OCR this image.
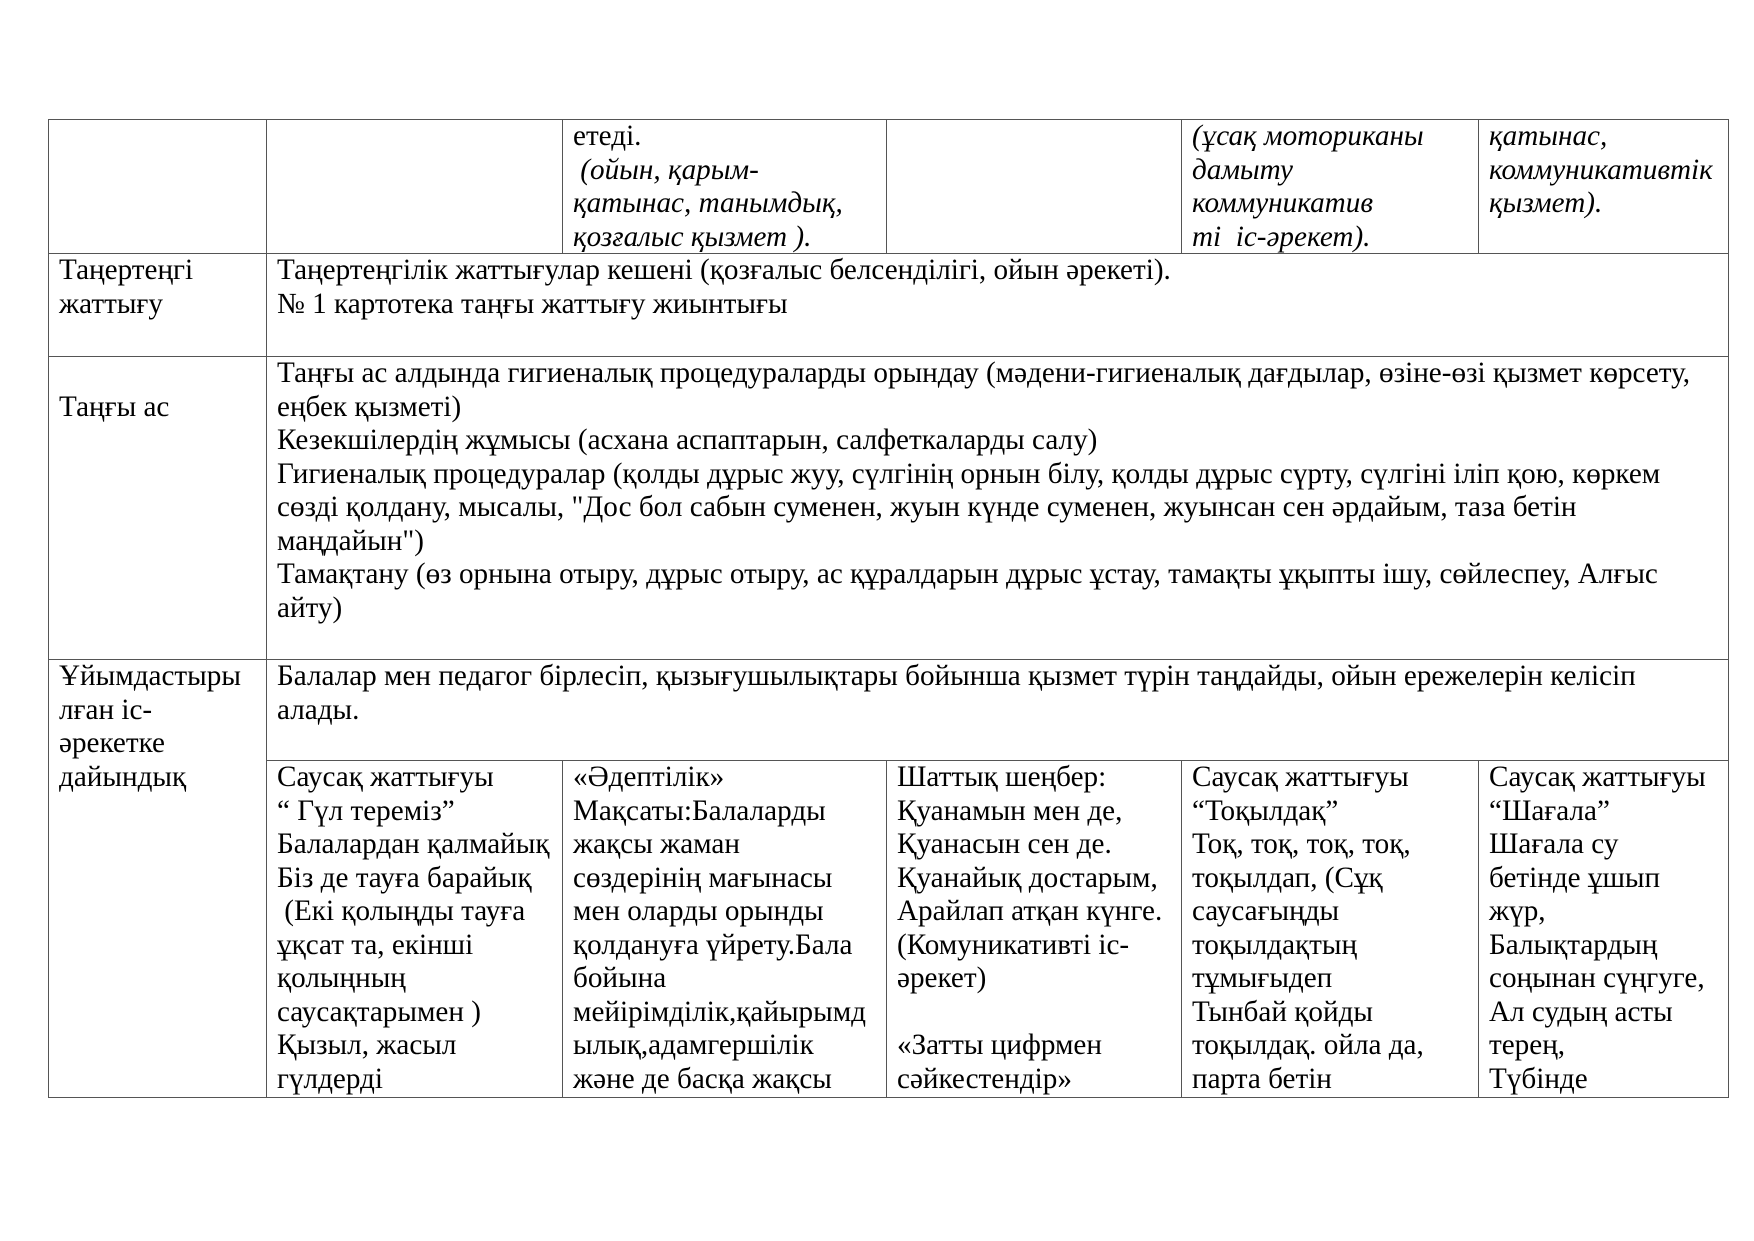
етеді.
(ойын, қарым-
қатынас, танымдық,
қозғалыс қызмет ).
(ұсақ моториканы
дамыту
коммуникатив
ті  іс-әрекет).
қатынас,
коммуникативтік
қызмет).
Таңертеңгі
жаттығу
Таңертеңгілік жаттығулар кешені (қозғалыс белсенділігі, ойын әрекеті).
№ 1 картотека таңғы жаттығу жиынтығы
Таңғы ас
Таңғы ас алдында гигиеналық процедураларды орындау (мәдени-гигиеналық дағдылар, өзіне-өзі қызмет көрсету,
еңбек қызметі)
Кезекшілердің жұмысы (асхана аспаптарын, салфеткаларды салу)
Гигиеналық процедуралар (қолды дұрыс жуу, сүлгінің орнын білу, қолды дұрыс сүрту, сүлгіні іліп қою, көркем
сөзді қолдану, мысалы, "Дос бол сабын суменен, жуын күнде суменен, жуынсан сен әрдайым, таза бетін
маңдайын")
Тамақтану (өз орнына отыру, дұрыс отыру, ас құралдарын дұрыс ұстау, тамақты ұқыпты ішу, сөйлеспеу, Алғыс
айту)
Ұйымдастыры
лған іс-
әрекетке
дайындық
Балалар мен педагог бірлесіп, қызығушылықтары бойынша қызмет түрін таңдайды, ойын ережелерін келісіп
алады.
Саусақ жаттығуы
“ Гүл тереміз”
Балалардан қалмайық
Біз де тауға барайық
(Екі қолыңды тауға
ұқсат та, екінші
қолыңның
саусақтарымен )
Қызыл, жасыл
гүлдерді
«Әдептілік»
Мақсаты:Балаларды
жақсы жаман
сөздерінің мағынасы
мен оларды орынды
қолдануға үйрету.Бала
бойына
мейірімділік,қайырымд
ылық,адамгершілік
және де басқа жақсы
Шаттық шеңбер:
Қуанамын мен де,
Қуанасын сен де.
Қуанайық достарым,
Арайлап атқан күнге.
(Комуникативті іс-
әрекет)
«Затты цифрмен
сәйкестендір»
Саусақ жаттығуы
“Тоқылдақ”
Тоқ, тоқ, тоқ, тоқ,
тоқылдап, (Сұқ
саусағыңды
тоқылдақтың
тұмығыдеп
Тынбай қойды
тоқылдақ. ойла да,
парта бетін
Саусақ жаттығуы
“Шағала”
Шағала су
бетінде ұшып
жүр,
Балықтардың
соңынан сүңгуге,
Ал судың асты
терең,
Түбінде
